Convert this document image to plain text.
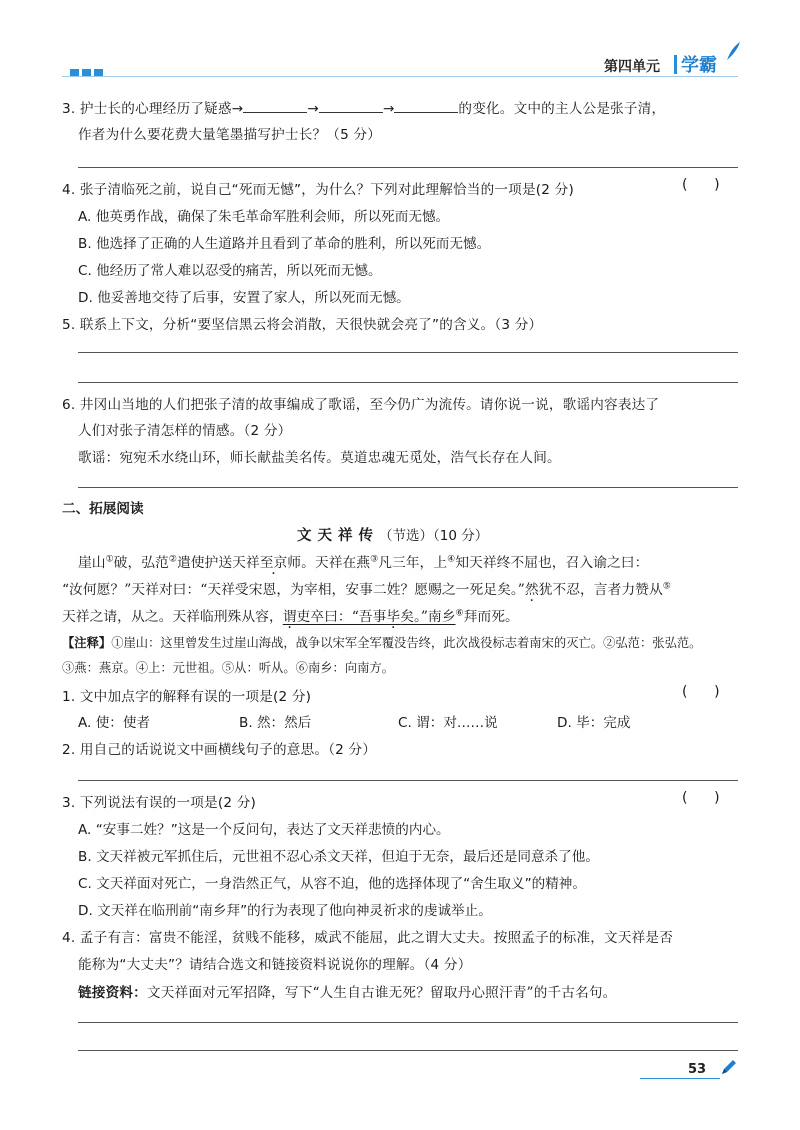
第四单元 学霸
3. 护士长的心理经历了疑惑→	→	→	的变化。文中的主人公是张子清，
作者为什么要花费大量笔墨描写护士长？（5 分）
4. 张子清临死之前，说自己“死而无憾”，为什么？下列对此理解恰当的一项是(2 分)	(      )
A. 他英勇作战，确保了朱毛革命军胜利会师，所以死而无憾。
B. 他选择了正确的人生道路并且看到了革命的胜利，所以死而无憾。
C. 他经历了常人难以忍受的痛苦，所以死而无憾。
D. 他妥善地交待了后事，安置了家人，所以死而无憾。
5. 联系上下文，分析“要坚信黑云将会消散，天很快就会亮了”的含义。（3 分）
6. 井冈山当地的人们把张子清的故事编成了歌谣，至今仍广为流传。请你说一说，歌谣内容表达了
人们对张子清怎样的情感。（2 分）
歌谣：宛宛禾水绕山环，师长献盐美名传。莫道忠魂无觅处，浩气长存在人间。
二、拓展阅读
文天祥传（节选）（10 分）
崖山①破，弘范②遣使护送天祥至京师。天祥在燕 ·③凡三年，上④知天祥终不屈也，召入谕之曰：
“汝何愿？”天祥对曰：“天祥受宋恩，为宰相，安事二姓？愿赐之一死足矣。”然犹不忍，言者力赞从⑤
天祥之请，从之。天祥临刑殊从容，谓吏卒曰：“吾事毕矣。”南乡⑥拜而死。
【注释】①崖山：这里曾发生过崖山海战，战争以宋军全军覆没告终，此次战役标志着南宋的灭亡。②弘范：张弘范。
③燕：燕京。④上：元世祖。⑤从：听从。⑥南乡：向南方。
1. 文中加点字的解释有误的一项是(2 分)	(      )
A. 使：使者	B. 然：然后	C. 谓：对……说	D. 毕：完成
2. 用自己的话说说文中画横线句子的意思。（2 分）
3. 下列说法有误的一项是(2 分)	(      )
A. “安事二姓？”这是一个反问句，表达了文天祥悲愤的内心。
B. 文天祥被元军抓住后，元世祖不忍心杀文天祥，但迫于无奈，最后还是同意杀了他。
C. 文天祥面对死亡，一身浩然正气，从容不迫，他的选择体现了“舍生取义”的精神。
D. 文天祥在临刑前“南乡拜”的行为表现了他向神灵祈求的虔诚举止。
4. 孟子有言：富贵不能淫，贫贱不能移，威武不能屈，此之谓大丈夫。按照孟子的标准，文天祥是否
能称为“大丈夫”？请结合选文和链接资料说说你的理解。（4 分）
链接资料：文天祥面对元军招降，写下“人生自古谁无死？留取丹心照汗青”的千古名句。
53
